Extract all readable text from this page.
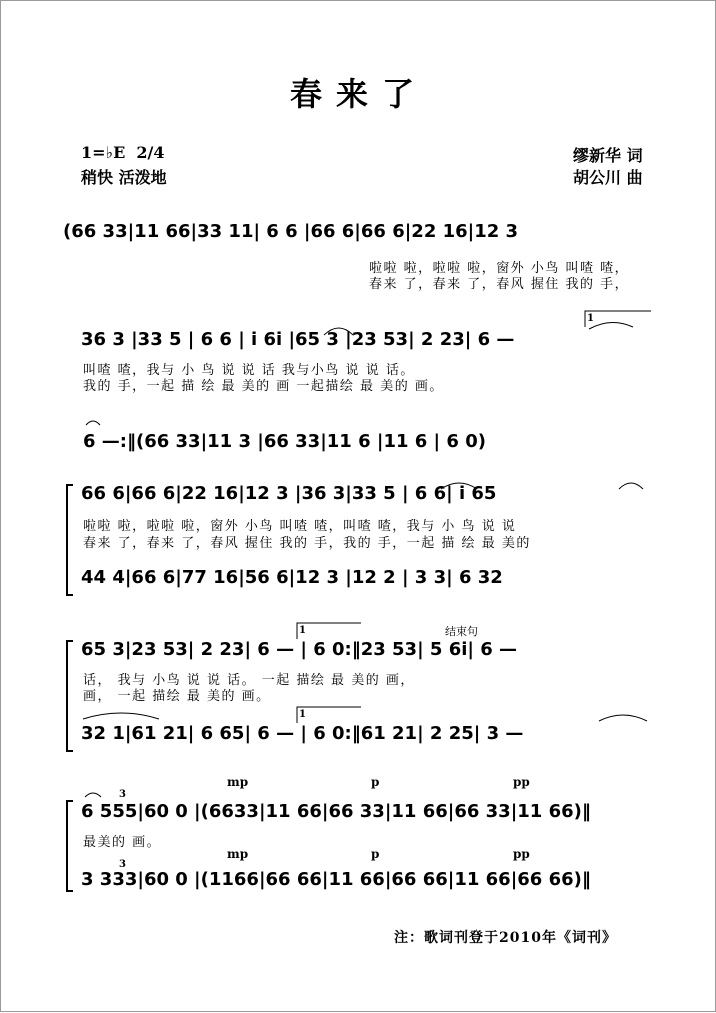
春来了
1=♭E 2/4
稍快 活泼地
缪新华 词
胡公川 曲
(66 33|11 66|33 11| 6 6 |66 6|66 6|22 16|12 3
啦啦 啦，啦啦 啦，窗外 小鸟 叫喳 喳，
春来 了，春来 了，春风 握住 我的 手，
36 3 |33 5 | 6 6 | i 6i |65 3 |23 53| 2 23| 6 —
1
叫喳 喳，我与 小 鸟 说 说 话 我与小鸟 说 说 话。
我的 手，一起 描 绘 最 美的 画 一起描绘 最 美的 画。
6 —:‖(66 33|11 3 |66 33|11 6 |11 6 | 6 0)
66 6|66 6|22 16|12 3 |36 3|33 5 | 6 6| i 65
啦啦 啦，啦啦 啦，窗外 小鸟 叫喳 喳，叫喳 喳，我与 小 鸟 说 说
春来 了，春来 了，春风 握住 我的 手，我的 手，一起 描 绘 最 美的
44 4|66 6|77 16|56 6|12 3 |12 2 | 3 3| 6 32
65 3|23 53| 2 23| 6 — | 6 0:‖23 53| 5 6i| 6 —
结束句
1
话， 我与 小鸟 说 说 话。 一起 描绘 最 美的 画，
画， 一起 描绘 最 美的 画。
32 1|61 21| 6 65| 6 — | 6 0:‖61 21| 2 25| 3 —
1
mp	p	pp
3
6 555|60 0 |(6633|11 66|66 33|11 66|66 33|11 66)‖
最美的 画。
mp	p	pp
3
3 333|60 0 |(1166|66 66|11 66|66 66|11 66|66 66)‖
注：歌词刊登于2010年《词刊》
